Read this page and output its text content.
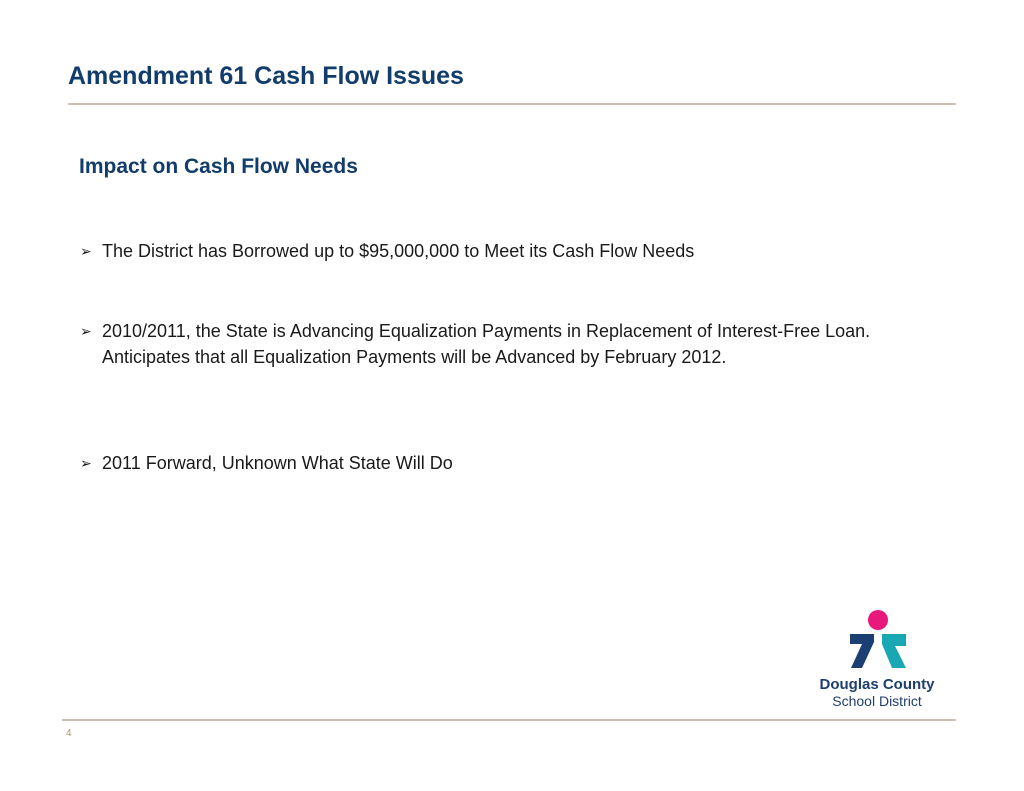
Amendment 61 Cash Flow Issues
Impact on Cash Flow Needs
➢ The District has Borrowed up to $95,000,000 to Meet its Cash Flow Needs
➢ 2010/2011, the State is Advancing Equalization Payments in Replacement of Interest-Free Loan. Anticipates that all Equalization Payments will be Advanced by February 2012.
➢ 2011 Forward, Unknown What State Will Do
Douglas County
School District
4
